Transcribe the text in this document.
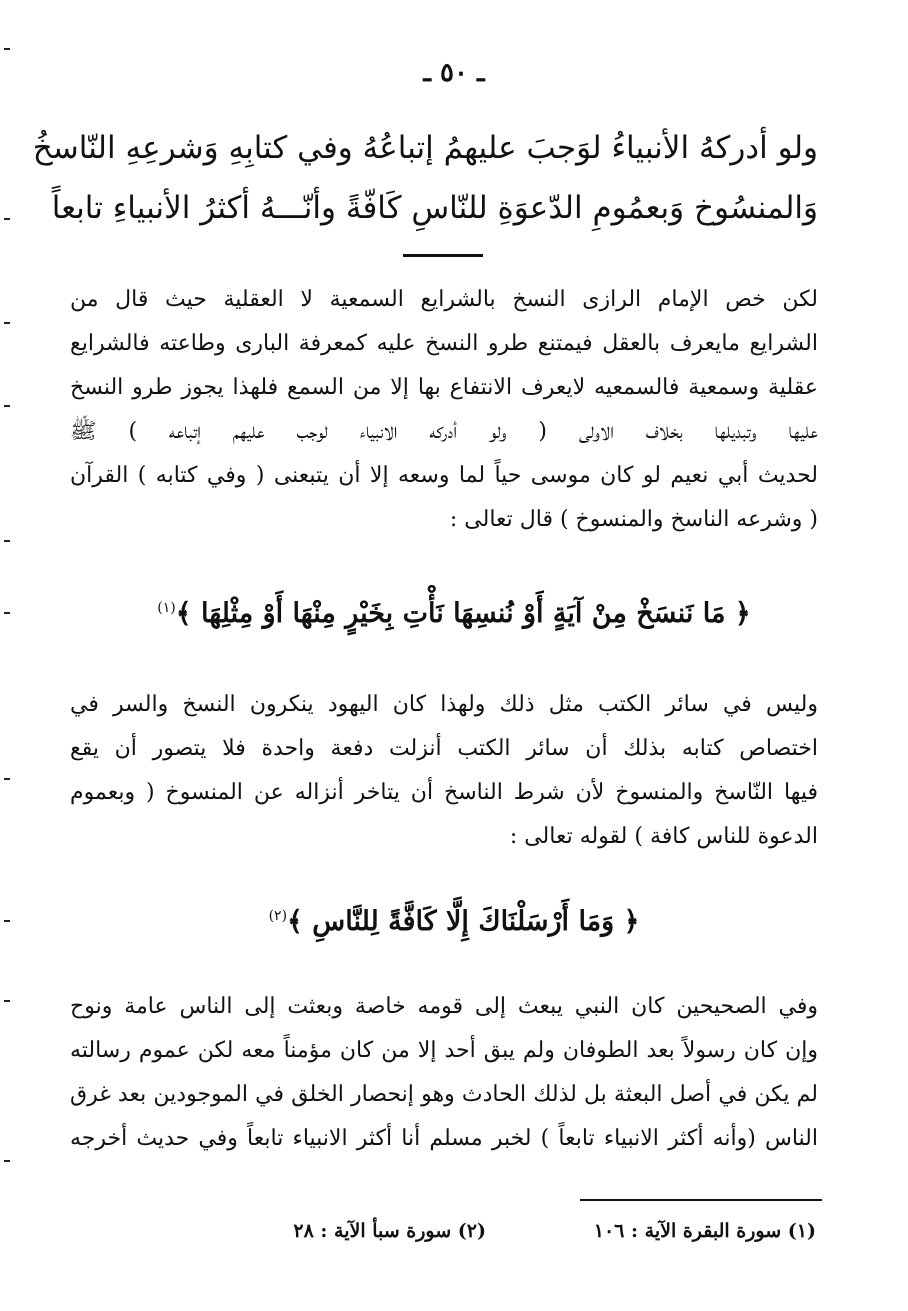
ـ ٥٠ ـ
ولو أدركهُ الأنبياءُ لوَجبَ عليهمُ إتباعُهُ وفي كتابِهِ وَشرعِهِ النّاسخُ
وَالمنسُوخ وَبعمُومِ الدّعوَةِ للنّاسِ كَافّةً وأنّـــهُ أكثرُ الأنبياءِ تابعاً
لكن خص الإمام الرازى النسخ بالشرايع السمعية لا العقلية حيث قال من
الشرايع مايعرف بالعقل فيمتنع طرو النسخ عليه كمعرفة البارى وطاعته فالشرايع
عقلية وسمعية فالسمعيه لايعرف الانتفاع بها إلا من السمع فلهذا يجوز طرو النسخ
عليها وتبديلها بخلاف الاولى ( ولو أدركه الانبياء لوجب عليهم إتباعه ) ﷺ
لحديث أبي نعيم لو كان موسى حياً لما وسعه إلا أن يتبعنى ( وفي كتابه ) القرآن
( وشرعه الناسخ والمنسوخ ) قال تعالى :
﴿ مَا نَنسَخْ مِنْ آيَةٍ أَوْ نُنسِهَا نَأْتِ بِخَيْرٍ مِنْهَا أَوْ مِثْلِهَا ﴾$^{(١)}$
وليس في سائر الكتب مثل ذلك ولهذا كان اليهود ينكرون النسخ والسر في
اختصاص كتابه بذلك أن سائر الكتب أنزلت دفعة واحدة فلا يتصور أن يقع
فيها النّاسخ والمنسوخ لأن شرط الناسخ أن يتاخر أنزاله عن المنسوخ ( وبعموم
الدعوة للناس كافة ) لقوله تعالى :
﴿ وَمَا أَرْسَلْنَاكَ إِلَّا كَافَّةً لِلنَّاسِ ﴾$^{(٢)}$
وفي الصحيحين كان النبي يبعث إلى قومه خاصة وبعثت إلى الناس عامة ونوح
وإن كان رسولاً بعد الطوفان ولم يبق أحد إلا من كان مؤمناً معه لكن عموم رسالته
لم يكن في أصل البعثة بل لذلك الحادث وهو إنحصار الخلق في الموجودين بعد غرق
الناس (وأنه أكثر الانبياء تابعاً ) لخبر مسلم أنا أكثر الانبياء تابعاً وفي حديث أخرجه
(١) سورة البقرة الآية : ١٠٦
(٢) سورة سبأ الآية : ٢٨
